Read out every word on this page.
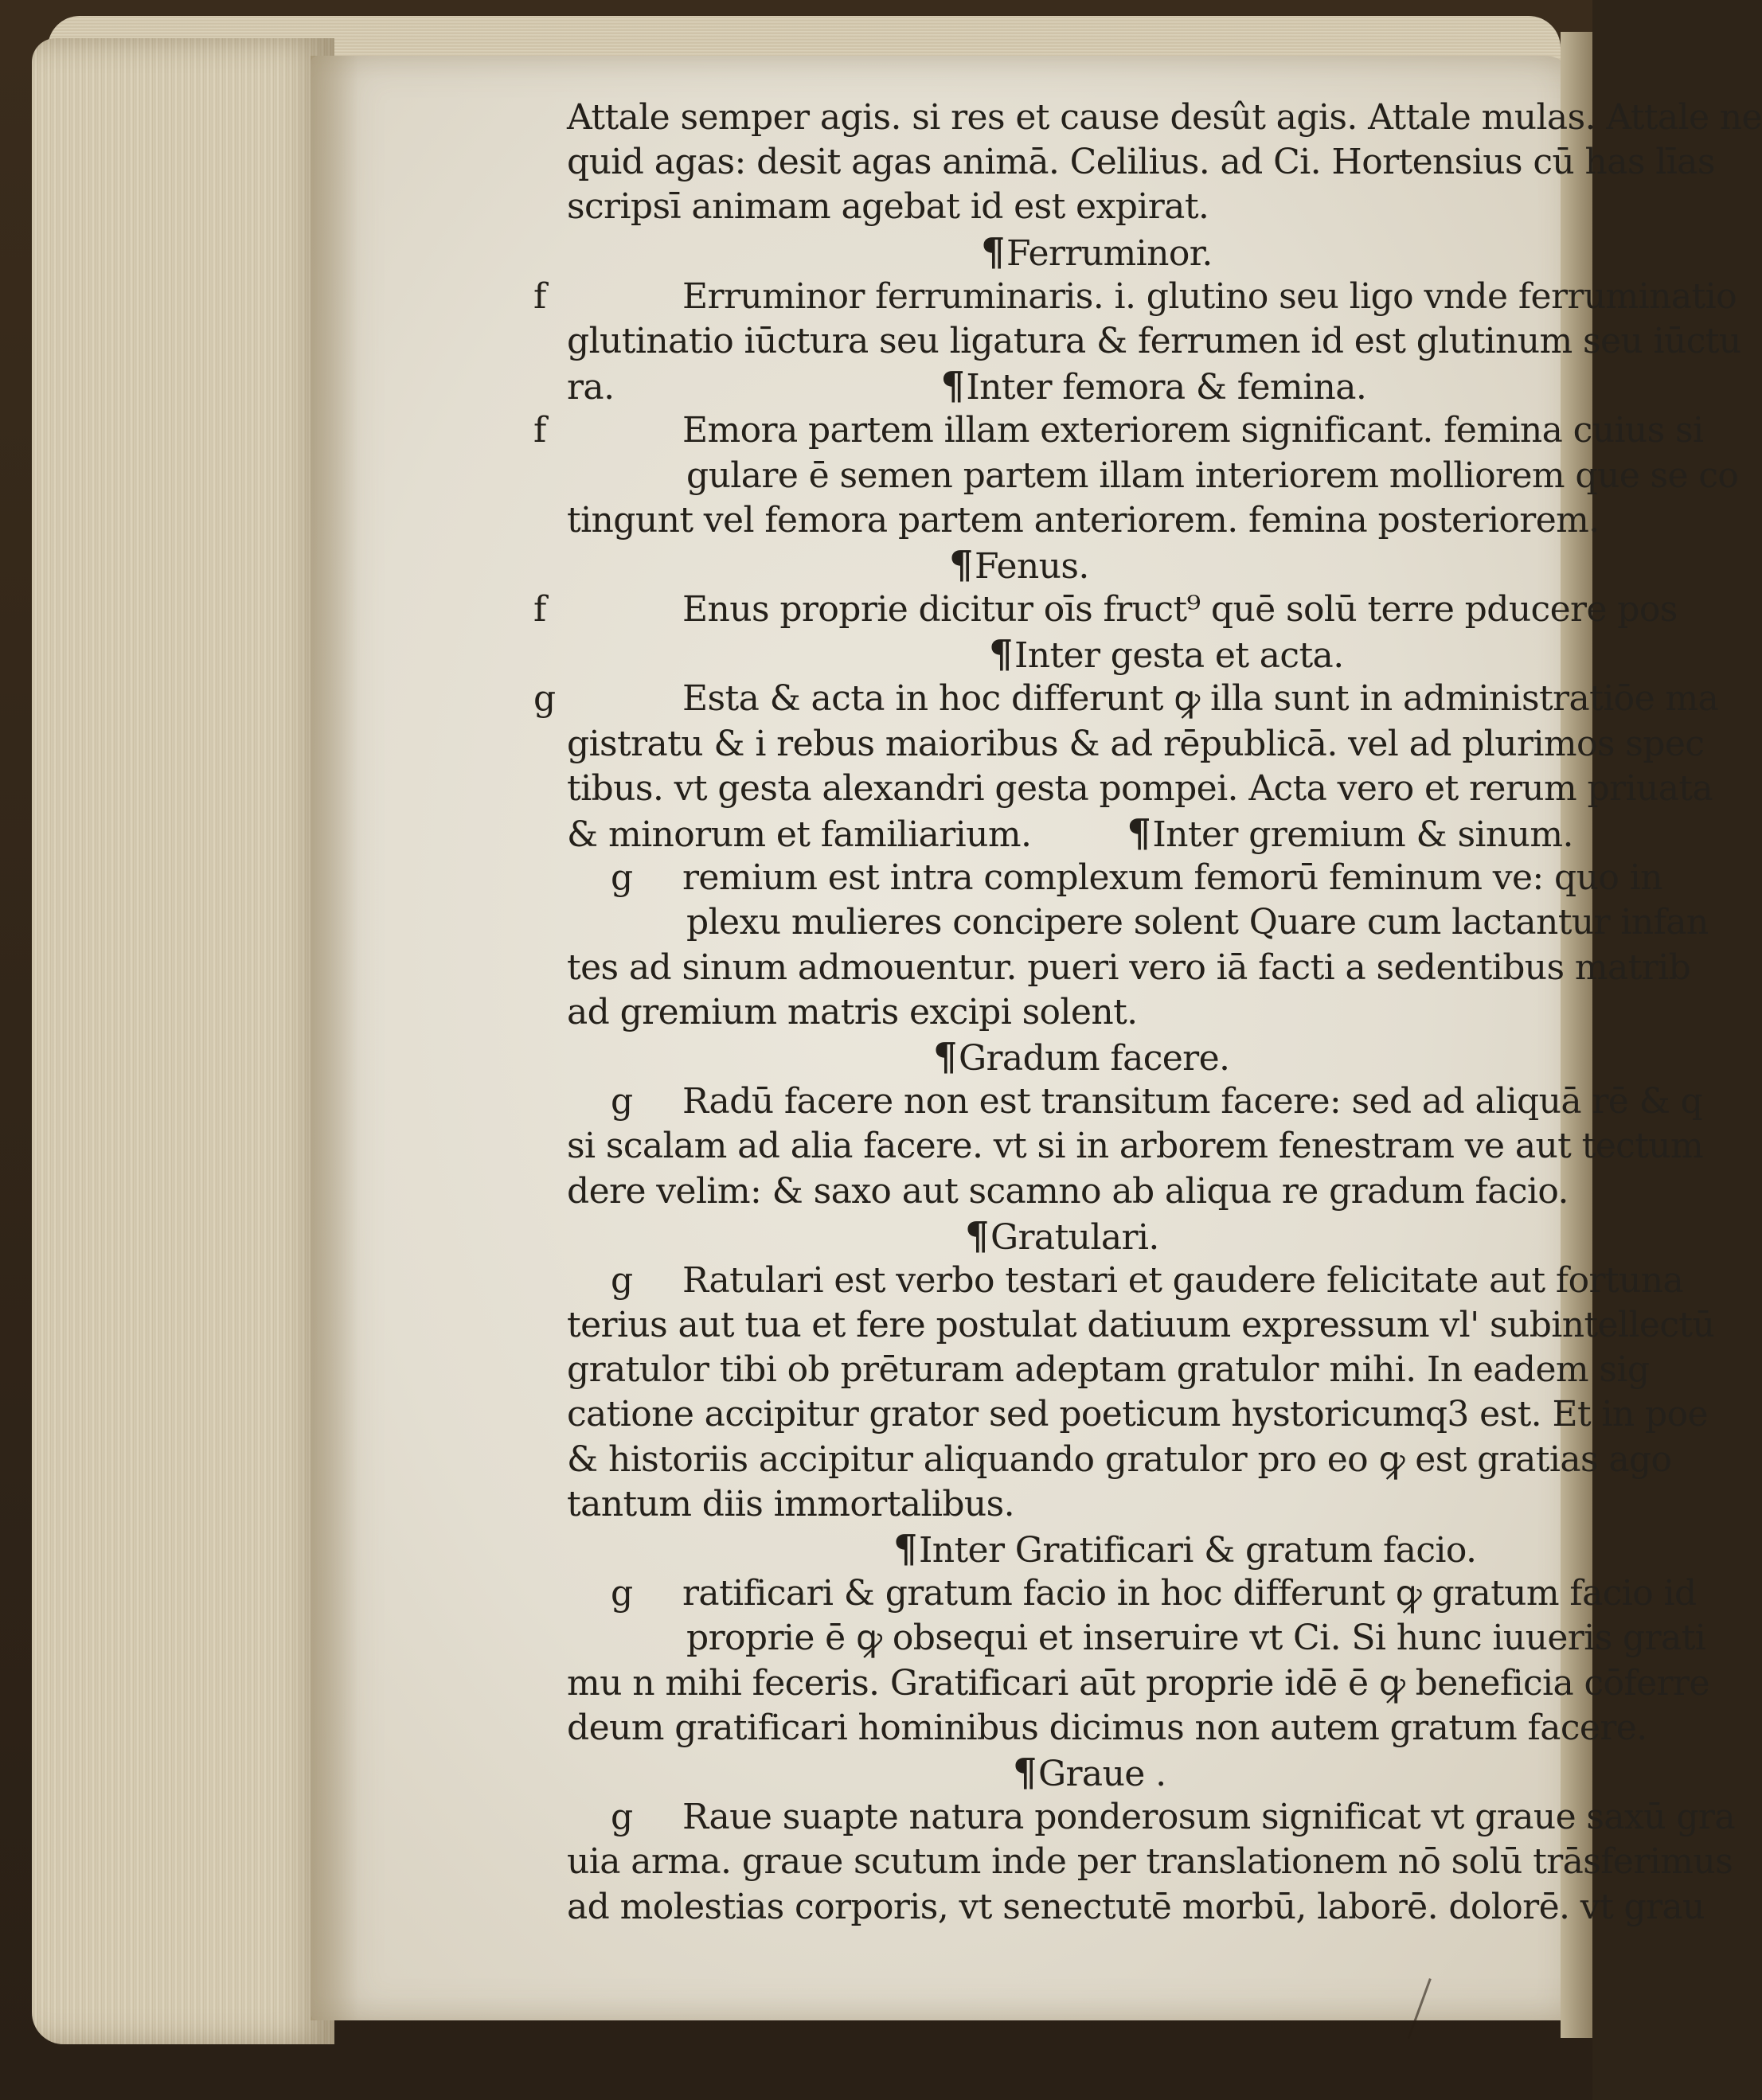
Attale semper agis. si res et cause desût agis. Attale mulas. Attale ne
quid agas: desit agas animā. Celilius. ad Ci. Hortensius cū has līas
scripsī animam agebat id est expirat.
¶Ferruminor.
f	Erruminor ferruminaris. i. glutino seu ligo vnde ferruminatio
glutinatio iūctura seu ligatura & ferrumen id est glutinum seu iūctu
ra.	¶Inter femora & femina.
f	Emora partem illam exteriorem significant. femina cuius si
gulare ē semen partem illam interiorem molliorem que se co
tingunt vel femora partem anteriorem. femina posteriorem.
¶Fenus.
f	Enus proprie dicitur oīs fruct⁹ quē solū terre pducere pos
¶Inter gesta et acta.
g	Esta & acta in hoc differunt ꝙ illa sunt in administratiōe ma
gistratu & i rebus maioribus & ad rēpublicā. vel ad plurimos spec
tibus. vt gesta alexandri gesta pompei. Acta vero et rerum priuata
& minorum et familiarium.	¶Inter gremium & sinum.
g remium est intra complexum femorū feminum ve: quo in
plexu mulieres concipere solent Quare cum lactantur infan
tes ad sinum admouentur. pueri vero iā facti a sedentibus matrib
ad gremium matris excipi solent.
¶Gradum facere.
g Radū facere non est transitum facere: sed ad aliquā rē & q
si scalam ad alia facere. vt si in arborem fenestram ve aut tectum
dere velim: & saxo aut scamno ab aliqua re gradum facio.
¶Gratulari.
g Ratulari est verbo testari et gaudere felicitate aut fortuna
terius aut tua et fere postulat datiuum expressum vl' subintellectū
gratulor tibi ob prēturam adeptam gratulor mihi. In eadem sig
catione accipitur grator sed poeticum hystoricumq3 est. Et in poe
& historiis accipitur aliquando gratulor pro eo ꝙ est gratias ago
tantum diis immortalibus.
¶Inter Gratificari & gratum facio.
g ratificari & gratum facio in hoc differunt ꝙ gratum facio id
proprie ē ꝙ obsequi et inseruire vt Ci. Si hunc iuueris grati
mu n mihi feceris. Gratificari aūt proprie idē ē ꝙ beneficia cōferre
deum gratificari hominibus dicimus non autem gratum facere.
¶Graue .
g Raue suapte natura ponderosum significat vt graue saxū gra
uia arma. graue scutum inde per translationem nō solū trāsferimus
ad molestias corporis, vt senectutē morbū, laborē. dolorē. vt grau
